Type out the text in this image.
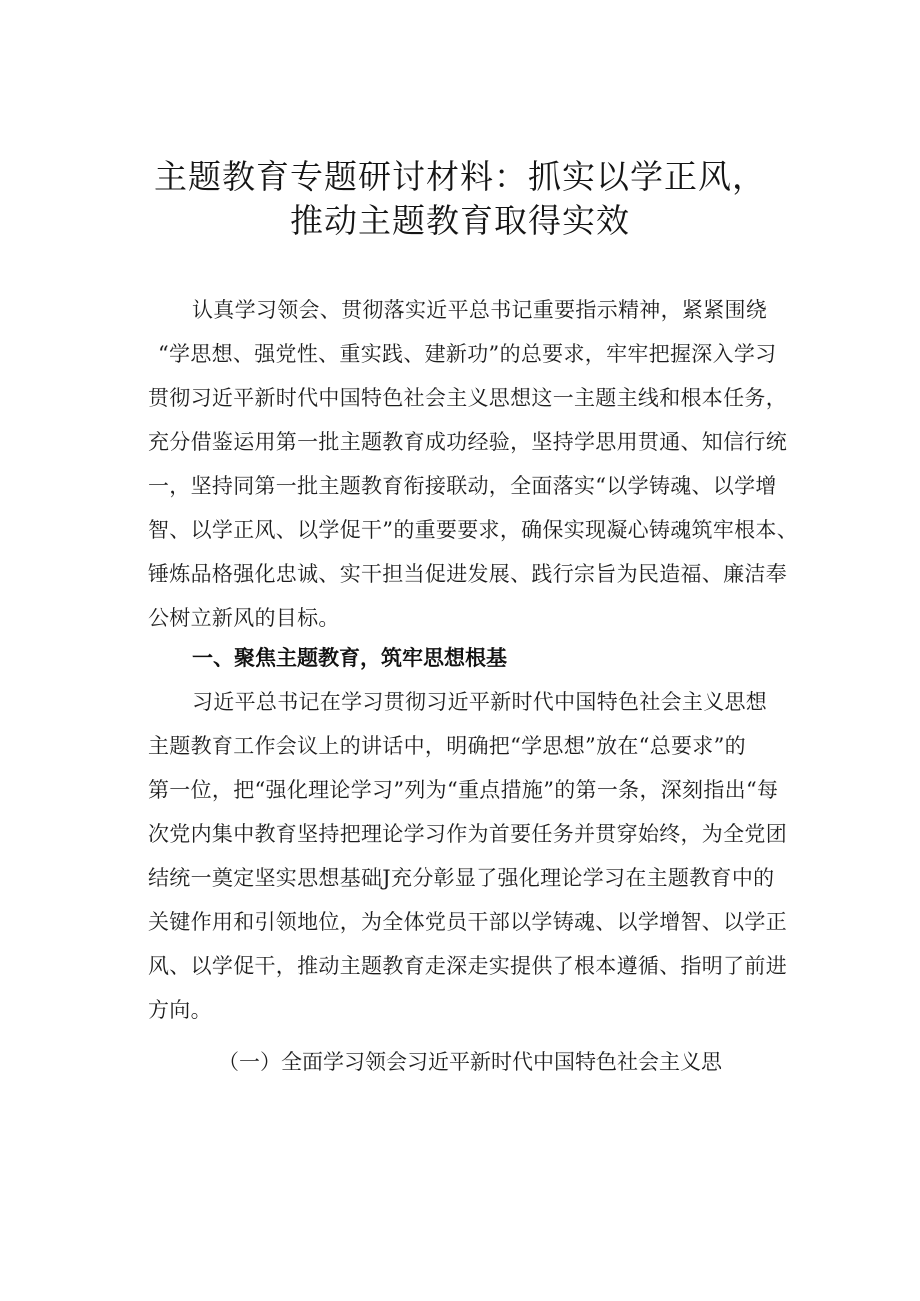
主题教育专题研讨材料：抓实以学正风，
推动主题教育取得实效
认真学习领会、贯彻落实近平总书记重要指示精神，紧紧围绕
“学思想、强党性、重实践、建新功”的总要求，牢牢把握深入学习
贯彻习近平新时代中国特色社会主义思想这一主题主线和根本任务，
充分借鉴运用第一批主题教育成功经验，坚持学思用贯通、知信行统
一，坚持同第一批主题教育衔接联动，全面落实“以学铸魂、以学增
智、以学正风、以学促干”的重要要求，确保实现凝心铸魂筑牢根本、
锤炼品格强化忠诚、实干担当促进发展、践行宗旨为民造福、廉洁奉
公树立新风的目标。
一、聚焦主题教育，筑牢思想根基
习近平总书记在学习贯彻习近平新时代中国特色社会主义思想
主题教育工作会议上的讲话中，明确把“学思想”放在“总要求”的
第一位，把“强化理论学习”列为“重点措施”的第一条，深刻指出“每
次党内集中教育坚持把理论学习作为首要任务并贯穿始终，为全党团
结统一奠定坚实思想基础J充分彰显了强化理论学习在主题教育中的
关键作用和引领地位，为全体党员干部以学铸魂、以学增智、以学正
风、以学促干，推动主题教育走深走实提供了根本遵循、指明了前进
方向。
（一）全面学习领会习近平新时代中国特色社会主义思
